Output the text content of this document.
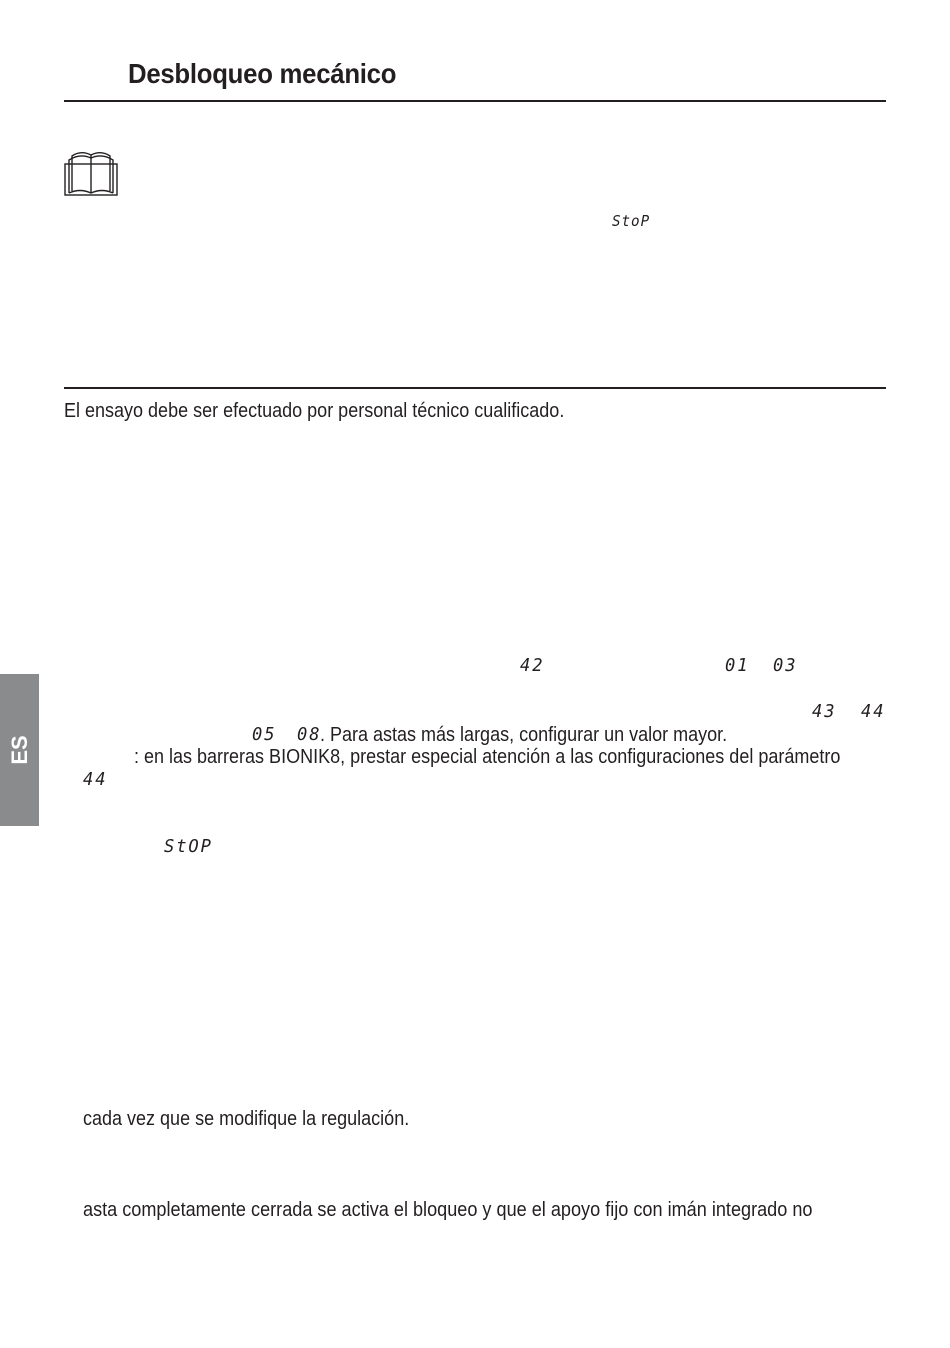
Desbloqueo mecánico
StoP
El ensayo debe ser efectuado por personal técnico cualificado.
42	01 03
43 44
05 08
. Para astas más largas, configurar un valor mayor.
: en las barreras BIONIK8, prestar especial atención a las configuraciones del parámetro
44
StOP
cada vez que se modifique la regulación.
asta completamente cerrada se activa el bloqueo y que el apoyo fijo con imán integrado no
ES
